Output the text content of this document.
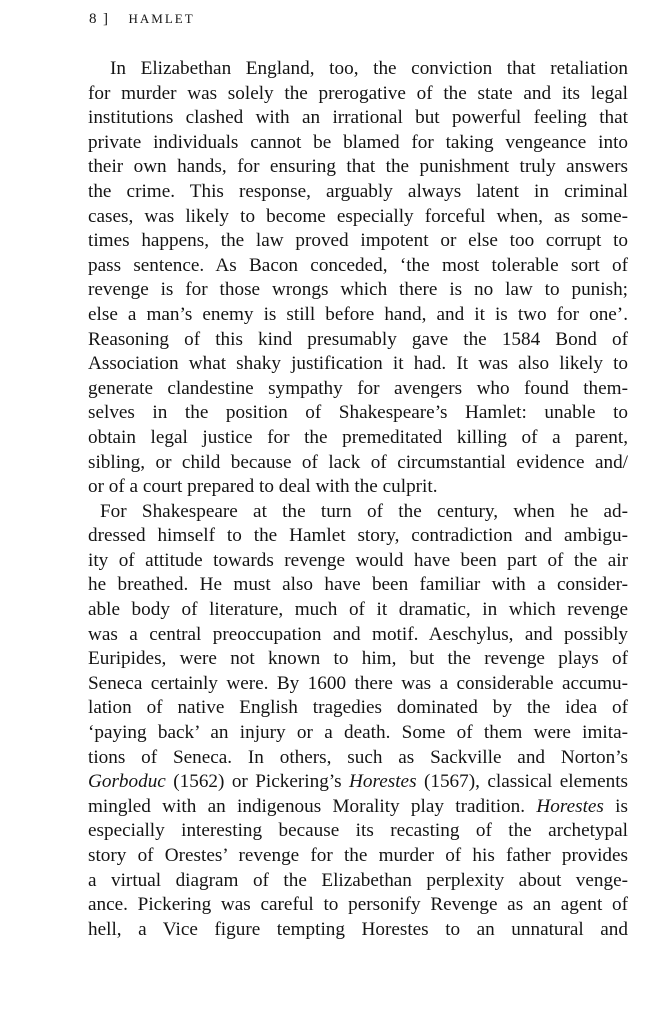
8 ] HAMLET
In Elizabethan England, too, the conviction that retaliation
for murder was solely the prerogative of the state and its legal
institutions clashed with an irrational but powerful feeling that
private individuals cannot be blamed for taking vengeance into
their own hands, for ensuring that the punishment truly answers
the crime. This response, arguably always latent in criminal
cases, was likely to become especially forceful when, as some-
times happens, the law proved impotent or else too corrupt to
pass sentence. As Bacon conceded, ‘the most tolerable sort of
revenge is for those wrongs which there is no law to punish;
else a man’s enemy is still before hand, and it is two for one’.
Reasoning of this kind presumably gave the 1584 Bond of
Association what shaky justification it had. It was also likely to
generate clandestine sympathy for avengers who found them-
selves in the position of Shakespeare’s Hamlet: unable to
obtain legal justice for the premeditated killing of a parent,
sibling, or child because of lack of circumstantial evidence and/
or of a court prepared to deal with the culprit.
For Shakespeare at the turn of the century, when he ad-
dressed himself to the Hamlet story, contradiction and ambigu-
ity of attitude towards revenge would have been part of the air
he breathed. He must also have been familiar with a consider-
able body of literature, much of it dramatic, in which revenge
was a central preoccupation and motif. Aeschylus, and possibly
Euripides, were not known to him, but the revenge plays of
Seneca certainly were. By 1600 there was a considerable accumu-
lation of native English tragedies dominated by the idea of
‘paying back’ an injury or a death. Some of them were imita-
tions of Seneca. In others, such as Sackville and Norton’s
Gorboduc (1562) or Pickering’s Horestes (1567), classical elements
mingled with an indigenous Morality play tradition. Horestes is
especially interesting because its recasting of the archetypal
story of Orestes’ revenge for the murder of his father provides
a virtual diagram of the Elizabethan perplexity about venge-
ance. Pickering was careful to personify Revenge as an agent of
hell, a Vice figure tempting Horestes to an unnatural and
